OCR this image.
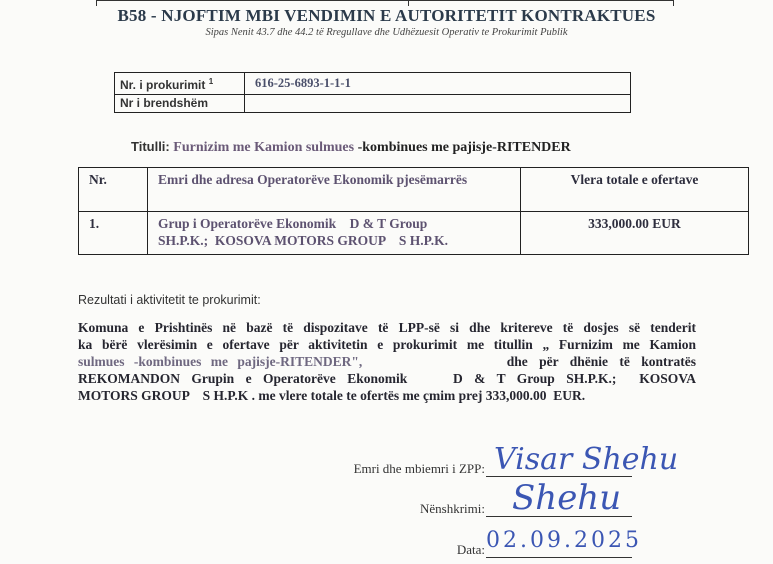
B58 - NJOFTIM MBI VENDIMIN E AUTORITETIT KONTRAKTUES
Sipas Nenit 43.7 dhe 44.2 të Rregullave dhe Udhëzuesit Operativ te Prokurimit Publik
Nr. i prokurimit $^1$	616-25-6893-1-1-1
Nr i brendshëm	
Titulli: Furnizim me Kamion sulmues -kombinues me pajisje-RITENDER
Nr.	Emri dhe adresa Operatorëve Ekonomik pjesëmarrës	Vlera totale e ofertave
1.	Grup i Operatorëve Ekonomik    D & T Group
SH.P.K.;  KOSOVA MOTORS GROUP    S H.P.K.	333,000.00 EUR
Rezultati i aktivitetit te prokurimit:
Komuna e Prishtinës në bazë të dispozitave të LPP-së si dhe kritereve të dosjes së tenderit
ka bërë vlerësimin e ofertave për aktivitetin e prokurimit me titullin „ Furnizim me Kamion
sulmues -kombinues me pajisje-RITENDER",	dhe për dhënie të kontratës
REKOMANDON Grupin e Operatorëve Ekonomik    D & T Group SH.P.K.;  KOSOVA
MOTORS GROUP    S H.P.K . me vlere totale te ofertës me çmim prej 333,000.00  EUR.
Emri dhe mbiemri i ZPP: Visar Shehu
Nënshkrimi: Shehu
Data: 02.09.2025
